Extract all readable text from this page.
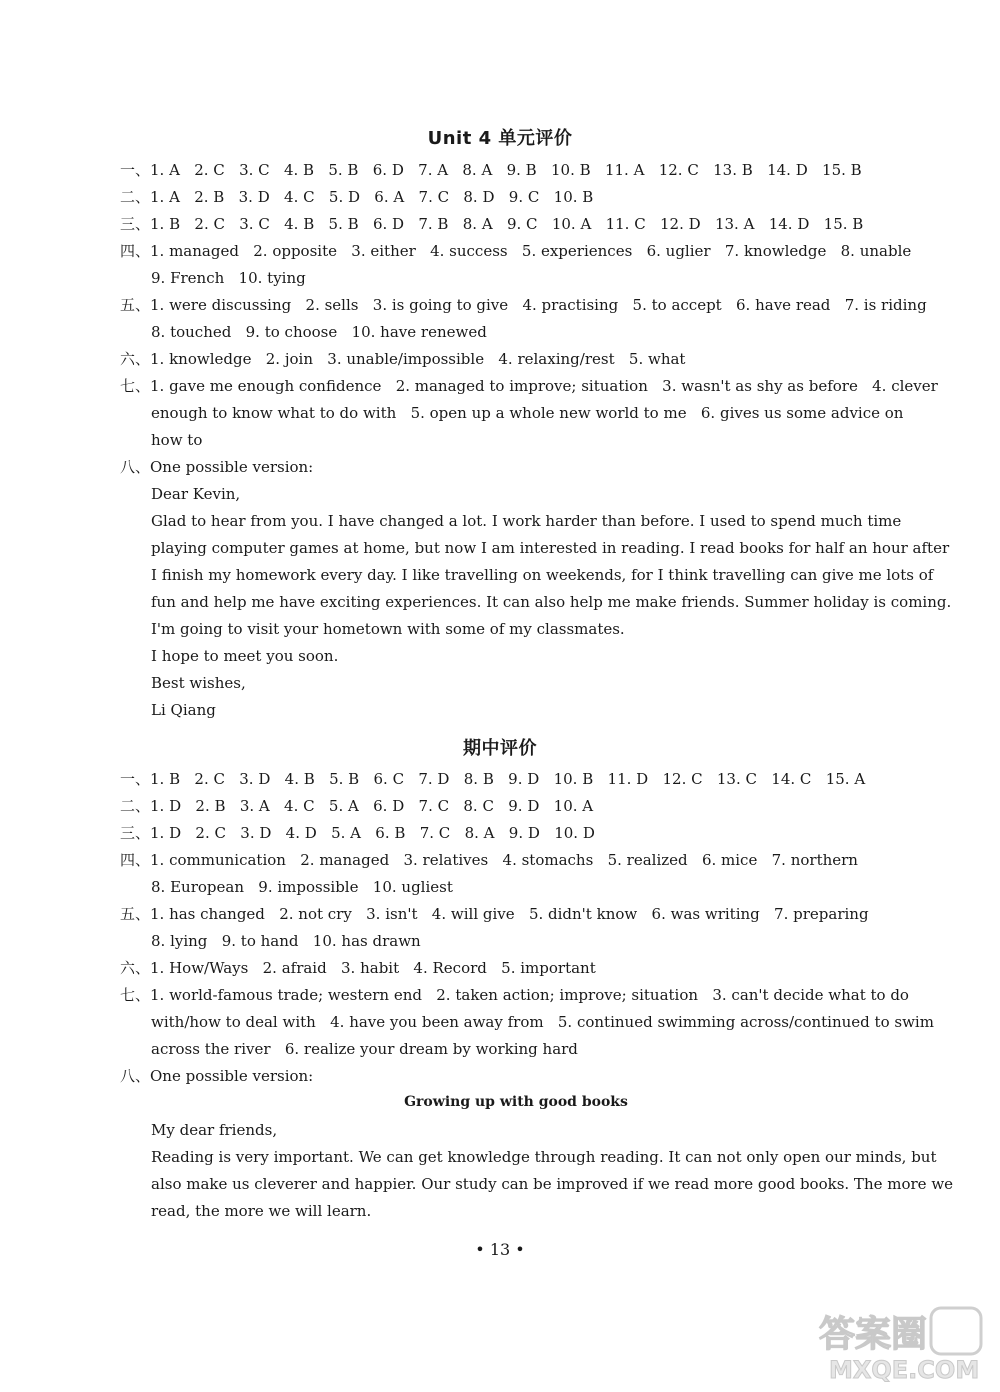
Unit 4 单元评价
一、1. A   2. C   3. C   4. B   5. B   6. D   7. A   8. A   9. B   10. B   11. A   12. C   13. B   14. D   15. B
二、1. A   2. B   3. D   4. C   5. D   6. A   7. C   8. D   9. C   10. B
三、1. B   2. C   3. C   4. B   5. B   6. D   7. B   8. A   9. C   10. A   11. C   12. D   13. A   14. D   15. B
四、1. managed   2. opposite   3. either   4. success   5. experiences   6. uglier   7. knowledge   8. unable
9. French   10. tying
五、1. were discussing   2. sells   3. is going to give   4. practising   5. to accept   6. have read   7. is riding
8. touched   9. to choose   10. have renewed
六、1. knowledge   2. join   3. unable/impossible   4. relaxing/rest   5. what
七、1. gave me enough confidence   2. managed to improve; situation   3. wasn't as shy as before   4. clever
enough to know what to do with   5. open up a whole new world to me   6. gives us some advice on
how to
八、One possible version:
Dear Kevin,
Glad to hear from you. I have changed a lot. I work harder than before. I used to spend much time
playing computer games at home, but now I am interested in reading. I read books for half an hour after
I finish my homework every day. I like travelling on weekends, for I think travelling can give me lots of
fun and help me have exciting experiences. It can also help me make friends. Summer holiday is coming.
I'm going to visit your hometown with some of my classmates.
I hope to meet you soon.
Best wishes,
Li Qiang
期中评价
一、1. B   2. C   3. D   4. B   5. B   6. C   7. D   8. B   9. D   10. B   11. D   12. C   13. C   14. C   15. A
二、1. D   2. B   3. A   4. C   5. A   6. D   7. C   8. C   9. D   10. A
三、1. D   2. C   3. D   4. D   5. A   6. B   7. C   8. A   9. D   10. D
四、1. communication   2. managed   3. relatives   4. stomachs   5. realized   6. mice   7. northern
8. European   9. impossible   10. ugliest
五、1. has changed   2. not cry   3. isn't   4. will give   5. didn't know   6. was writing   7. preparing
8. lying   9. to hand   10. has drawn
六、1. How/Ways   2. afraid   3. habit   4. Record   5. important
七、1. world-famous trade; western end   2. taken action; improve; situation   3. can't decide what to do
with/how to deal with   4. have you been away from   5. continued swimming across/continued to swim
across the river   6. realize your dream by working hard
八、One possible version:
Growing up with good books
My dear friends,
Reading is very important. We can get knowledge through reading. It can not only open our minds, but
also make us cleverer and happier. Our study can be improved if we read more good books. The more we
read, the more we will learn.
• 13 •
答案圈
MXQE.COM
